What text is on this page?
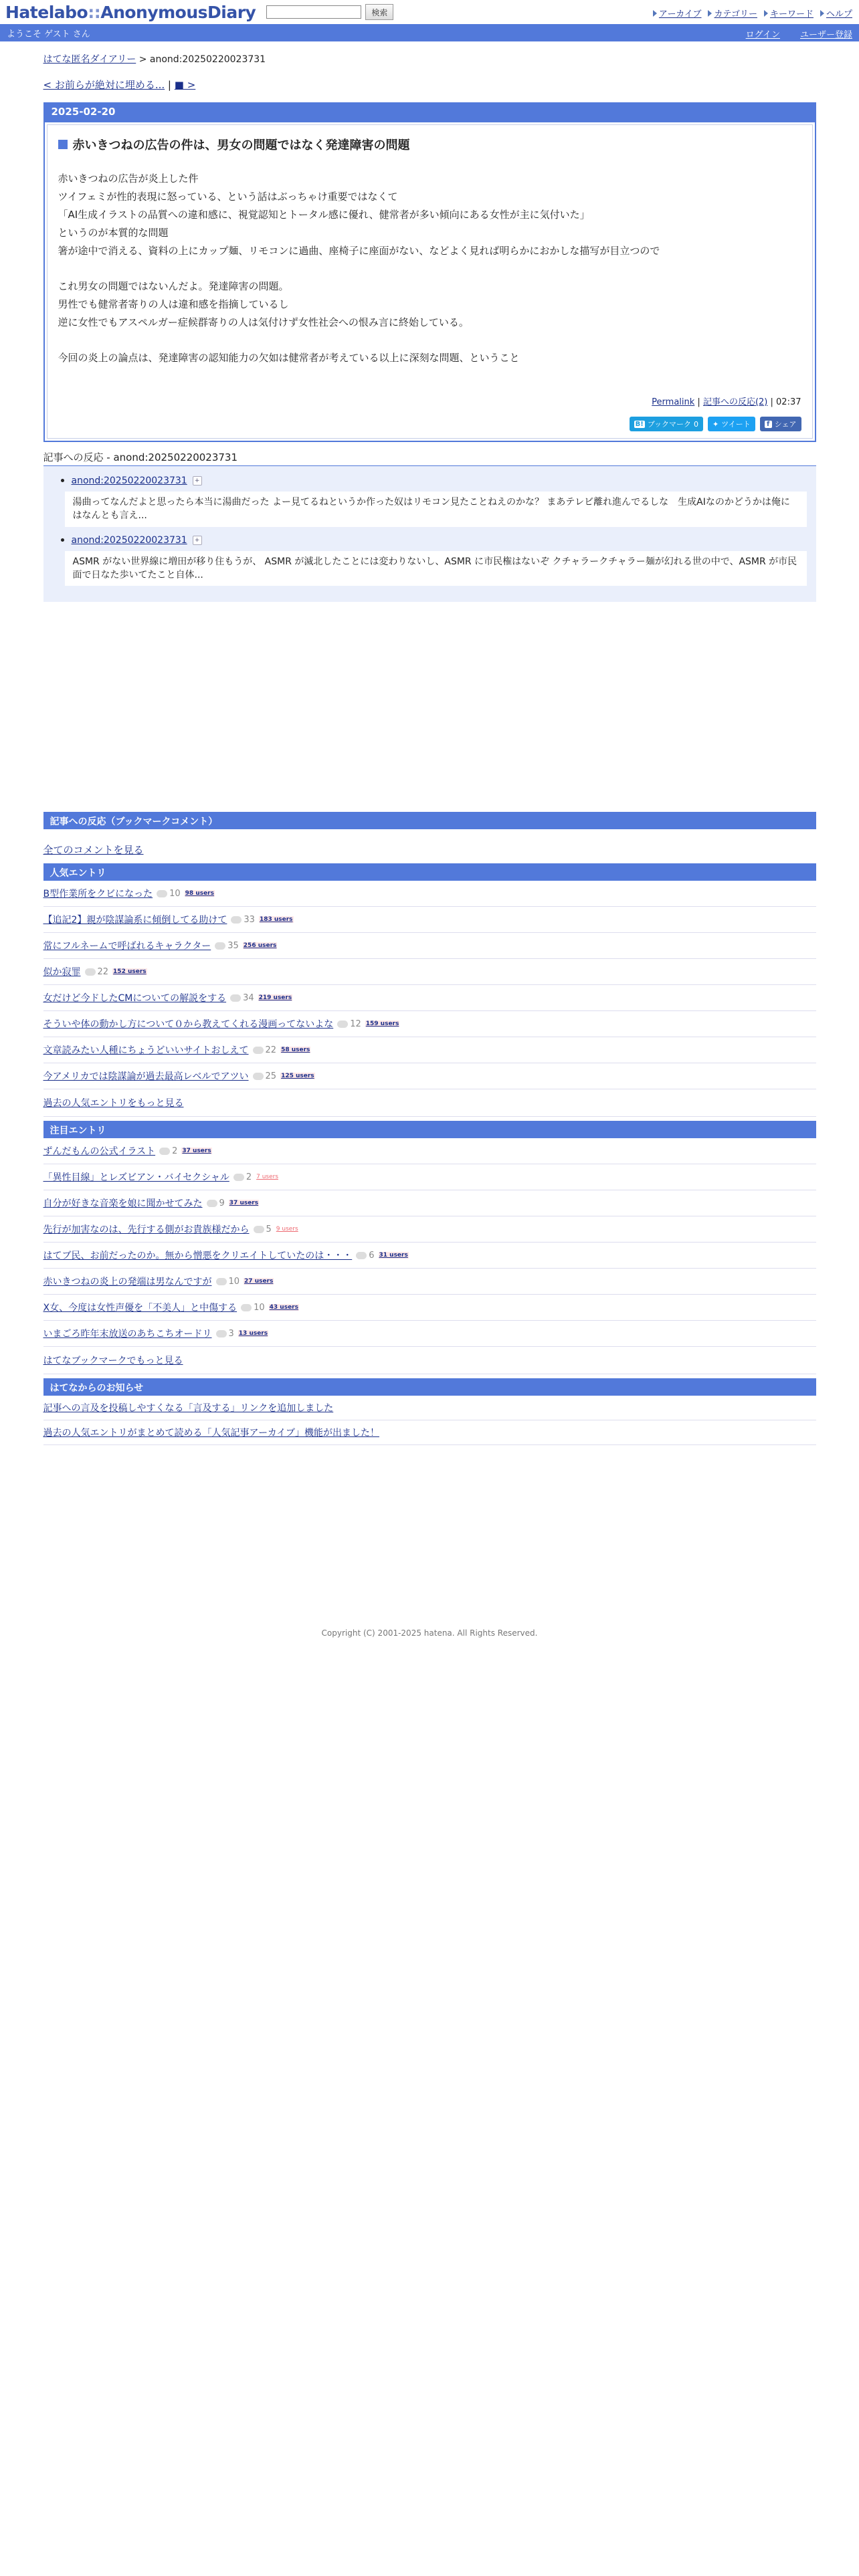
Hatelabo::AnonymousDiary	検索	アーカイブ カテゴリー キーワード ヘルプ
ようこそ ゲスト さん	ログイン ユーザー登録
はてな匿名ダイアリー > anond:20250220023731
< お前らが絶対に埋める... | ■ >
2025-02-20
赤いきつねの広告の件は、男女の問題ではなく発達障害の問題

赤いきつねの広告が炎上した件

ツイフェミが性的表現に怒っている、という話はぶっちゃけ重要ではなくて

「AI生成イラストの品質への違和感に、視覚認知とトータル感に優れ、健常者が多い傾向にある女性が主に気付いた」

というのが本質的な問題

箸が途中で消える、資料の上にカップ麺、リモコンに過曲、座椅子に座面がない、などよく見れば明らかにおかしな描写が目立つので

これ男女の問題ではないんだよ。発達障害の問題。

男性でも健常者寄りの人は違和感を指摘しているし

逆に女性でもアスペルガー症候群寄りの人は気付けず女性社会への恨み言に終始している。

今回の炎上の論点は、発達障害の認知能力の欠如は健常者が考えている以上に深刻な問題、ということ

Permalink | 記事への反応(2) | 02:37
B! ブックマーク 0 ✦ ツイート	f シェア
記事への反応 - anond:20250220023731
• anond:20250220023731	+
湯曲ってなんだよと思ったら本当に湯曲だった よー見てるねというか作った奴はリモコン見たことねえのかな？ まあテレビ離れ進んでるしな　生成AIなのかどうかは俺にはなんとも言え...
• anond:20250220023731	+
ASMR がない世界線に増田が移り住もうが、 ASMR が滅北したことには変わりないし、ASMR に市民権はないぞ クチャラークチャラー麺が幻れる世の中で、ASMR が市民面で日なた歩いてたこと自体...
記事への反応（ブックマークコメント）
全てのコメントを見る
人気エントリ
B型作業所をクビになった 10 98 users
【追記2】親が陰謀論系に傾倒してる助けて 33 183 users
常にフルネームで呼ばれるキャラクター 35 256 users
似か寂罪 22 152 users
女だけど今ドしたCMについての解説をする 34 219 users
そういや体の動かし方について０から教えてくれる漫画ってないよな 12 159 users
文章読みたい人種にちょうどいいサイトおしえて 22 58 users
今アメリカでは陰謀論が過去最高レベルでアツい 25 125 users
過去の人気エントリをもっと見る
注目エントリ
ずんだもんの公式イラスト 2 37 users
「異性目線」とレズビアン・バイセクシャル 2 7 users
自分が好きな音楽を娘に聞かせてみた 9 37 users
先行が加害なのは、先行する側がお貴族様だから 5 9 users
はてブ民、お前だったのか。無から憎悪をクリエイトしていたのは・・・ 6 31 users
赤いきつねの炎上の発端は男なんですが 10 27 users
X女、今度は女性声優を「不美人」と中傷する 10 43 users
いまごろ昨年末放送のあちこちオードリ 3 13 users
はてなブックマークでもっと見る
はてなからのお知らせ
記事への言及を投稿しやすくなる「言及する」リンクを追加しました
過去の人気エントリがまとめて読める「人気記事アーカイブ」機能が出ました！
Copyright (C) 2001-2025 hatena. All Rights Reserved.
